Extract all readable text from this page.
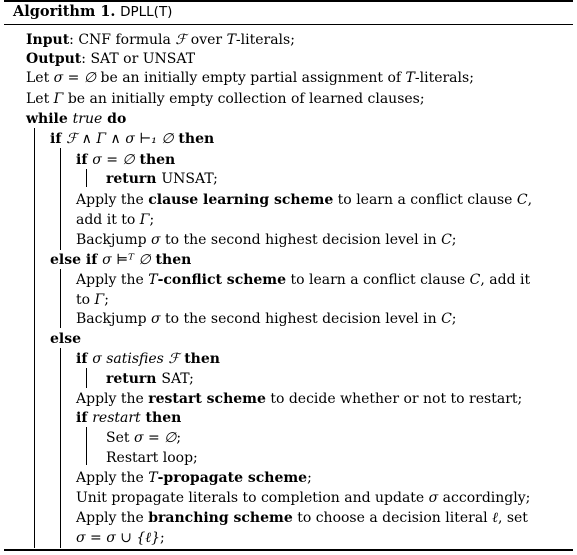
Algorithm 1. DPLL(T)
Input: CNF formula ℱ over T-literals;
Output: SAT or UNSAT
Let σ = ∅ be an initially empty partial assignment of T-literals;
Let Γ be an initially empty collection of learned clauses;
while true do
if ℱ ∧ Γ ∧ σ ⊢₁ ∅ then
if σ = ∅ then
return UNSAT;
Apply the clause learning scheme to learn a conflict clause C,
add it to Γ;
Backjump σ to the second highest decision level in C;
else if σ ⊨ᵀ ∅ then
Apply the T-conflict scheme to learn a conflict clause C, add it
to Γ;
Backjump σ to the second highest decision level in C;
else
if σ satisfies ℱ then
return SAT;
Apply the restart scheme to decide whether or not to restart;
if restart then
Set σ = ∅;
Restart loop;
Apply the T-propagate scheme;
Unit propagate literals to completion and update σ accordingly;
Apply the branching scheme to choose a decision literal ℓ, set
σ = σ ∪ {ℓ};
